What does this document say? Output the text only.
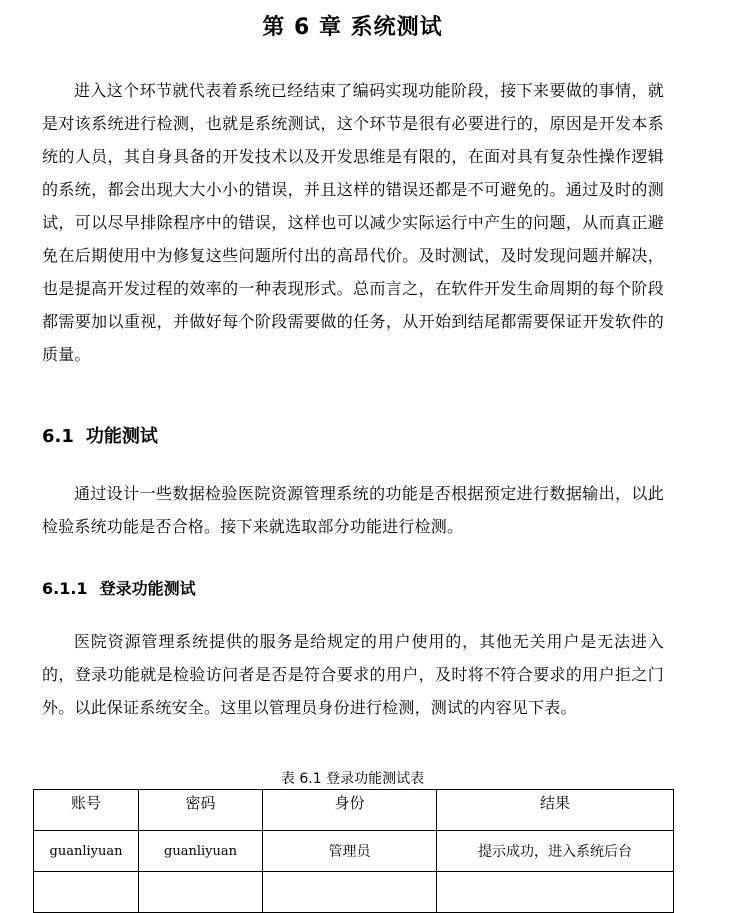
第 6 章 系统测试

进入这个环节就代表着系统已经结束了编码实现功能阶段，接下来要做的事情，就是对该系统进行检测，也就是系统测试，这个环节是很有必要进行的，原因是开发本系统的人员，其自身具备的开发技术以及开发思维是有限的，在面对具有复杂性操作逻辑的系统，都会出现大大小小的错误，并且这样的错误还都是不可避免的。通过及时的测试，可以尽早排除程序中的错误，这样也可以减少实际运行中产生的问题，从而真正避免在后期使用中为修复这些问题所付出的高昂代价。及时测试，及时发现问题并解决，也是提高开发过程的效率的一种表现形式。总而言之，在软件开发生命周期的每个阶段都需要加以重视，并做好每个阶段需要做的任务，从开始到结尾都需要保证开发软件的质量。

6.1 功能测试

通过设计一些数据检验医院资源管理系统的功能是否根据预定进行数据输出，以此检验系统功能是否合格。接下来就选取部分功能进行检测。

6.1.1 登录功能测试

医院资源管理系统提供的服务是给规定的用户使用的，其他无关用户是无法进入的，登录功能就是检验访问者是否是符合要求的用户，及时将不符合要求的用户拒之门外。以此保证系统安全。这里以管理员身份进行检测，测试的内容见下表。

表 6.1 登录功能测试表
账号	密码	身份	结果
guanliyuan	guanliyuan	管理员	提示成功，进入系统后台
